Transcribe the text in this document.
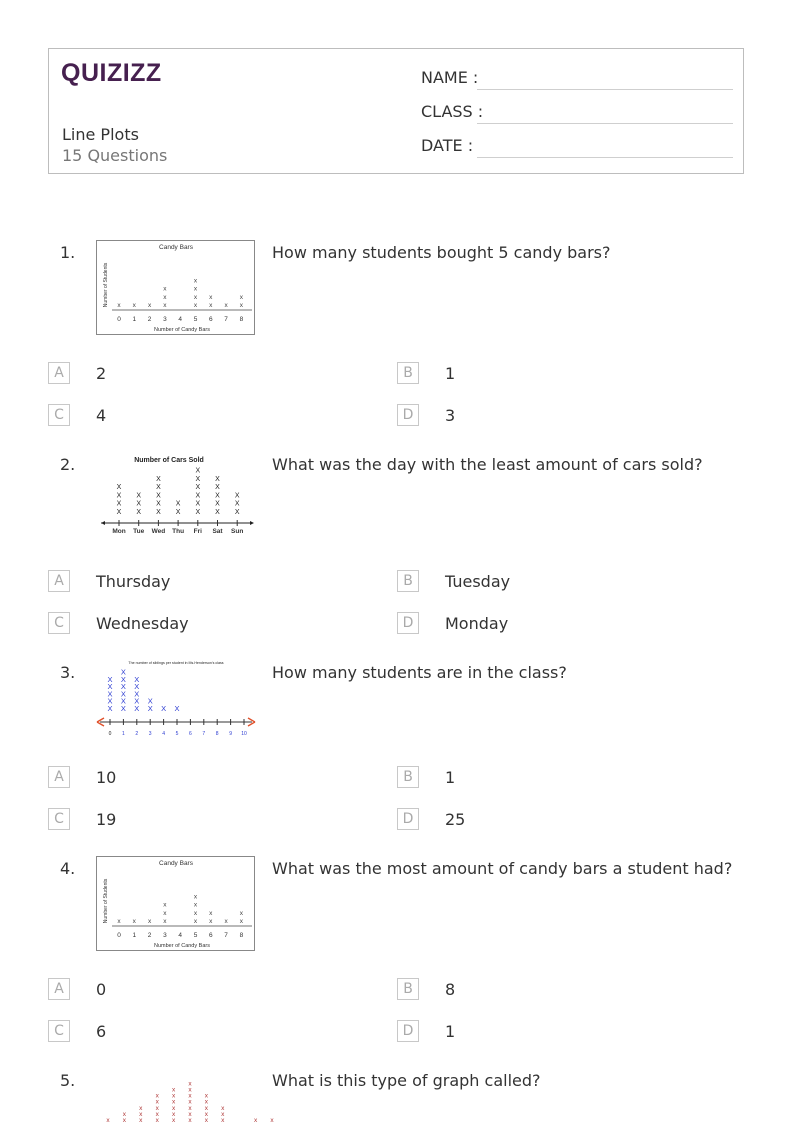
QUIZIZZ
Line Plots
15 Questions
NAME :
CLASS :
DATE :
1.	Candy Bars
Number of Students
Number of Candy Bars
0
x
1
x
2
x
3
x
x
x
4 5
x
x
x
x
6
x
x
7
x
8
x
x
How many students bought 5 candy bars?
A	2	B	1
C	4	D	3
2.	Number of Cars Sold
Mon
X
X
X
X
Tue
X
X
X
Wed
X
X
X
X
X
Thu
X
X
Fri
X
X
X
X
X
X
Sat
X
X
X
X
X
Sun
X
X
X
What was the day with the least amount of cars sold?
A	Thursday	B	Tuesday
C	Wednesday	D	Monday
3.	The number of siblings per student in Ms.Henderson's class
0
X
X
X
X
X
1
X
X
X
X
X
X
2
X
X
X
X
X
3
X
X
4
X
5
X
6 7 8 9 10
How many students are in the class?
A	10	B	1
C	19	D	25
4.	Candy Bars
Number of Students
Number of Candy Bars
0
x
1
x
2
x
3
x
x
x
4 5
x
x
x
x
6
x
x
7
x
8
x
x
What was the most amount of candy bars a student had?
A	0	B	8
C	6	D	1
5.
x x
x
x
x
x
x
x
x
x
x
x
x
x
x
x
x
x
x
x
x
x
x
x
x
x
x
x
x
x
x
x
x x
What is this type of graph called?
